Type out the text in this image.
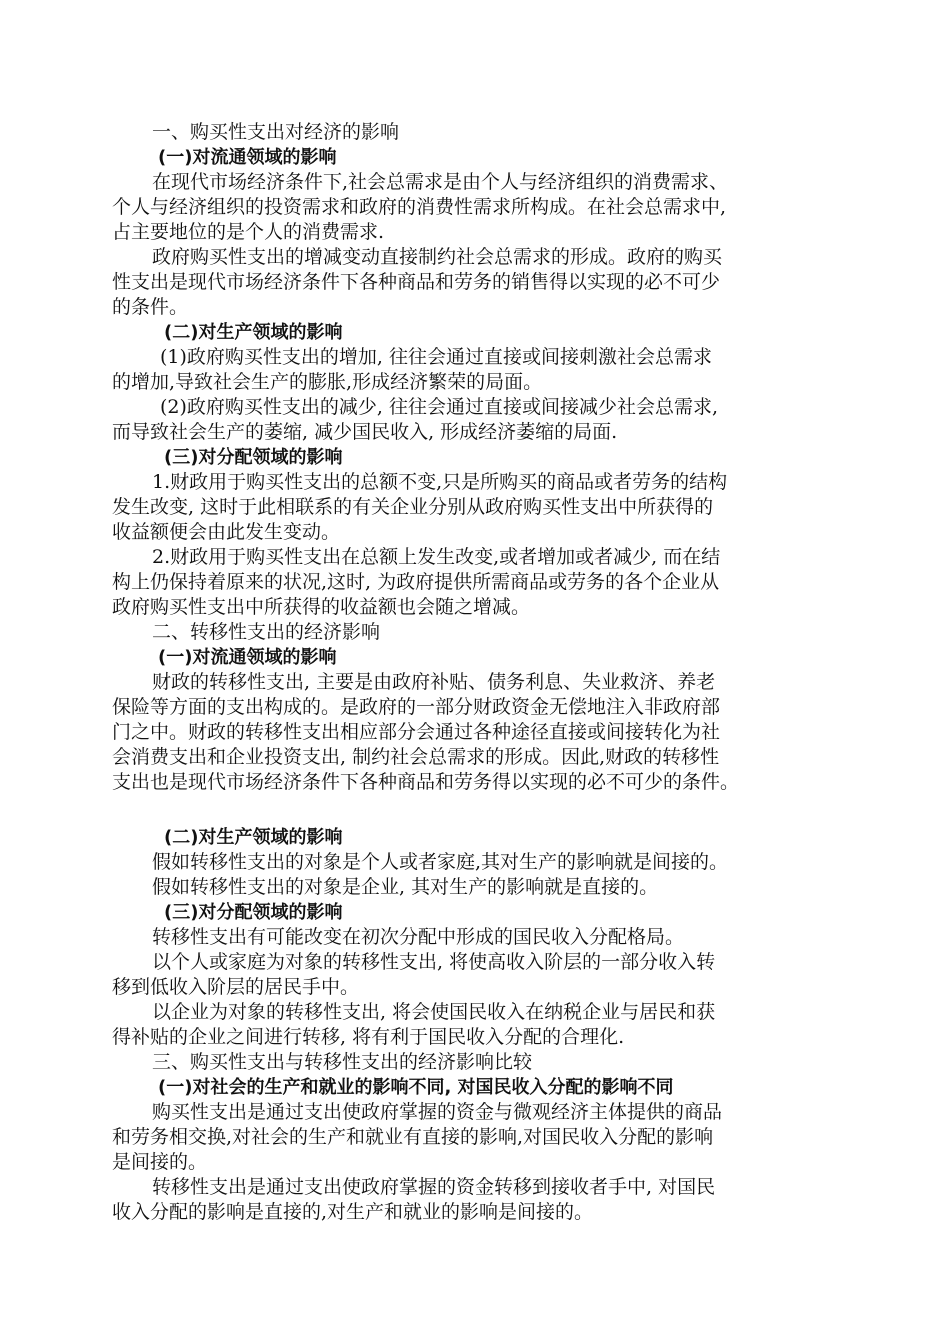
一、购买性支出对经济的影响
(一)对流通领域的影响
在现代市场经济条件下,社会总需求是由个人与经济组织的消费需求、
个人与经济组织的投资需求和政府的消费性需求所构成。在社会总需求中,
占主要地位的是个人的消费需求.
政府购买性支出的增减变动直接制约社会总需求的形成。政府的购买
性支出是现代市场经济条件下各种商品和劳务的销售得以实现的必不可少
的条件。
(二)对生产领域的影响
(1)政府购买性支出的增加, 往往会通过直接或间接刺激社会总需求
的增加,导致社会生产的膨胀,形成经济繁荣的局面。
(2)政府购买性支出的减少, 往往会通过直接或间接减少社会总需求,
而导致社会生产的萎缩, 减少国民收入, 形成经济萎缩的局面.
(三)对分配领域的影响
1.财政用于购买性支出的总额不变,只是所购买的商品或者劳务的结构
发生改变, 这时于此相联系的有关企业分别从政府购买性支出中所获得的
收益额便会由此发生变动。
2.财政用于购买性支出在总额上发生改变,或者增加或者减少, 而在结
构上仍保持着原来的状况,这时, 为政府提供所需商品或劳务的各个企业从
政府购买性支出中所获得的收益额也会随之增减。
二、转移性支出的经济影响
(一)对流通领域的影响
财政的转移性支出, 主要是由政府补贴、债务利息、失业救济、养老
保险等方面的支出构成的。是政府的一部分财政资金无偿地注入非政府部
门之中。财政的转移性支出相应部分会通过各种途径直接或间接转化为社
会消费支出和企业投资支出, 制约社会总需求的形成。因此,财政的转移性
支出也是现代市场经济条件下各种商品和劳务得以实现的必不可少的条件。
(二)对生产领域的影响
假如转移性支出的对象是个人或者家庭,其对生产的影响就是间接的。
假如转移性支出的对象是企业, 其对生产的影响就是直接的。
(三)对分配领域的影响
转移性支出有可能改变在初次分配中形成的国民收入分配格局。
以个人或家庭为对象的转移性支出, 将使高收入阶层的一部分收入转
移到低收入阶层的居民手中。
以企业为对象的转移性支出, 将会使国民收入在纳税企业与居民和获
得补贴的企业之间进行转移, 将有利于国民收入分配的合理化.
三、购买性支出与转移性支出的经济影响比较
(一)对社会的生产和就业的影响不同, 对国民收入分配的影响不同
购买性支出是通过支出使政府掌握的资金与微观经济主体提供的商品
和劳务相交换,对社会的生产和就业有直接的影响,对国民收入分配的影响
是间接的。
转移性支出是通过支出使政府掌握的资金转移到接收者手中, 对国民
收入分配的影响是直接的,对生产和就业的影响是间接的。
